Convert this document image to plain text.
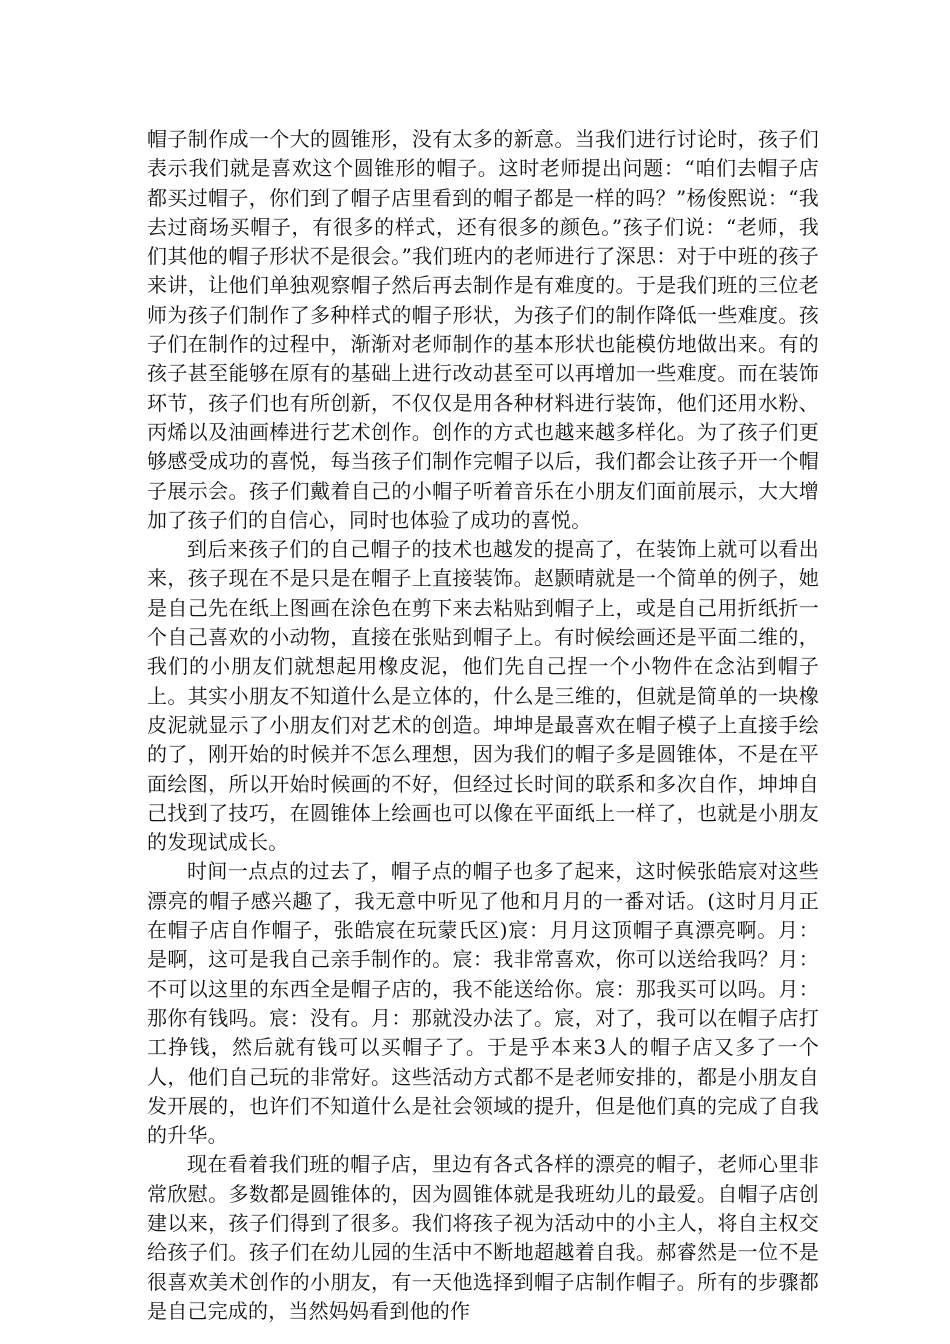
帽子制作成一个大的圆锥形，没有太多的新意。当我们进行讨论时，孩子们表示我们就是喜欢这个圆锥形的帽子。这时老师提出问题：“咱们去帽子店都买过帽子，你们到了帽子店里看到的帽子都是一样的吗？”杨俊熙说：“我去过商场买帽子，有很多的样式，还有很多的颜色。”孩子们说：“老师，我们其他的帽子形状不是很会。”我们班内的老师进行了深思：对于中班的孩子来讲，让他们单独观察帽子然后再去制作是有难度的。于是我们班的三位老师为孩子们制作了多种样式的帽子形状，为孩子们的制作降低一些难度。孩子们在制作的过程中，渐渐对老师制作的基本形状也能模仿地做出来。有的孩子甚至能够在原有的基础上进行改动甚至可以再增加一些难度。而在装饰环节，孩子们也有所创新，不仅仅是用各种材料进行装饰，他们还用水粉、丙烯以及油画棒进行艺术创作。创作的方式也越来越多样化。为了孩子们更够感受成功的喜悦，每当孩子们制作完帽子以后，我们都会让孩子开一个帽子展示会。孩子们戴着自己的小帽子听着音乐在小朋友们面前展示，大大增加了孩子们的自信心，同时也体验了成功的喜悦。

到后来孩子们的自己帽子的技术也越发的提高了，在装饰上就可以看出来，孩子现在不是只是在帽子上直接装饰。赵颢晴就是一个简单的例子，她是自己先在纸上图画在涂色在剪下来去粘贴到帽子上，或是自己用折纸折一个自己喜欢的小动物，直接在张贴到帽子上。有时候绘画还是平面二维的，我们的小朋友们就想起用橡皮泥，他们先自己捏一个小物件在念沾到帽子上。其实小朋友不知道什么是立体的，什么是三维的，但就是简单的一块橡皮泥就显示了小朋友们对艺术的创造。坤坤是最喜欢在帽子模子上直接手绘的了，刚开始的时候并不怎么理想，因为我们的帽子多是圆锥体，不是在平面绘图，所以开始时候画的不好，但经过长时间的联系和多次自作，坤坤自己找到了技巧，在圆锥体上绘画也可以像在平面纸上一样了，也就是小朋友的发现试成长。

时间一点点的过去了，帽子点的帽子也多了起来，这时候张皓宸对这些漂亮的帽子感兴趣了，我无意中听见了他和月月的一番对话。(这时月月正在帽子店自作帽子，张皓宸在玩蒙氏区)宸：月月这顶帽子真漂亮啊。月：是啊，这可是我自己亲手制作的。宸：我非常喜欢，你可以送给我吗？月：不可以这里的东西全是帽子店的，我不能送给你。宸：那我买可以吗。月：那你有钱吗。宸：没有。月：那就没办法了。宸，对了，我可以在帽子店打工挣钱，然后就有钱可以买帽子了。于是乎本来3人的帽子店又多了一个人，他们自己玩的非常好。这些活动方式都不是老师安排的，都是小朋友自发开展的，也许们不知道什么是社会领域的提升，但是他们真的完成了自我的升华。

现在看着我们班的帽子店，里边有各式各样的漂亮的帽子，老师心里非常欣慰。多数都是圆锥体的，因为圆锥体就是我班幼儿的最爱。自帽子店创建以来，孩子们得到了很多。我们将孩子视为活动中的小主人，将自主权交给孩子们。孩子们在幼儿园的生活中不断地超越着自我。郝睿然是一位不是很喜欢美术创作的小朋友，有一天他选择到帽子店制作帽子。所有的步骤都是自己完成的，当然妈妈看到他的作
